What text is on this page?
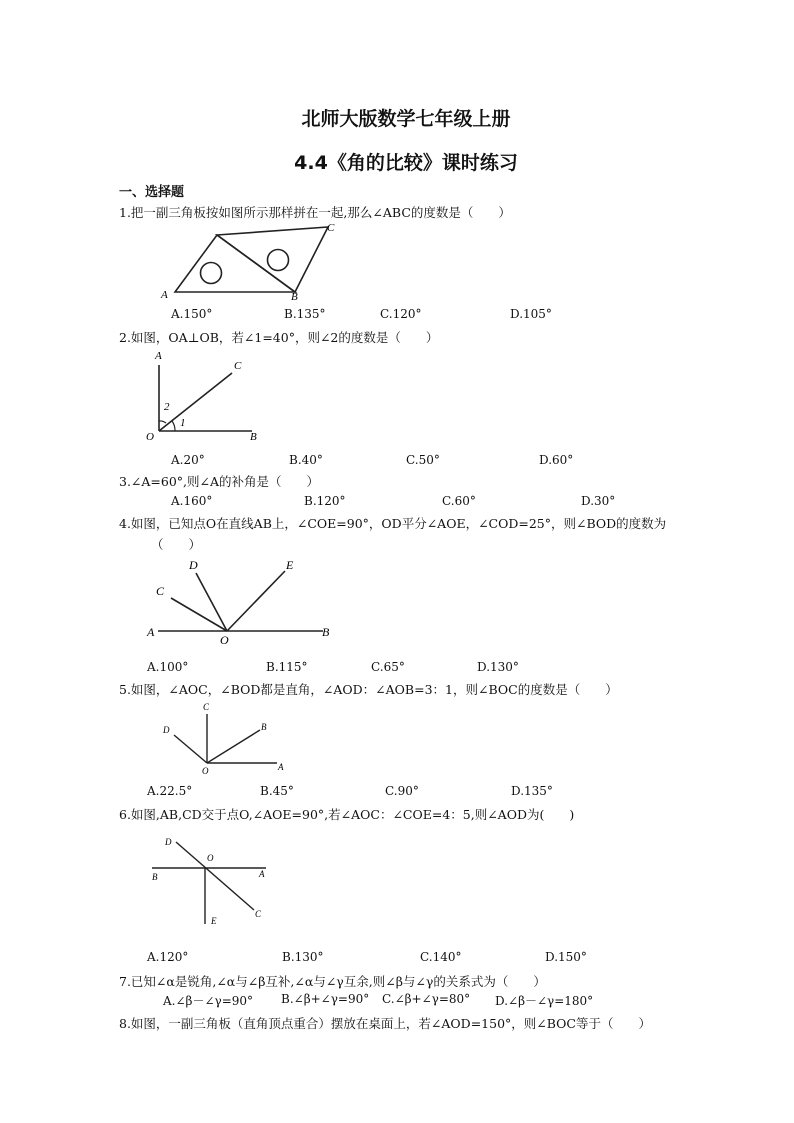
北师大版数学七年级上册
4.4《角的比较》课时练习
一、选择题
1.把一副三角板按如图所示那样拼在一起,那么∠ABC的度数是（　　）
A	B
C
A.150°	B.135°	C.120°	D.105°
2.如图，OA⊥OB，若∠1=40°，则∠2的度数是（　　）
A
C
2
1
O	B
A.20°	B.40°	C.50°	D.60°
3.∠A=60°,则∠A的补角是（　　）
A.160°	B.120°	C.60°	D.30°
4.如图，已知点O在直线AB上，∠COE=90°，OD平分∠AOE，∠COD=25°，则∠BOD的度数为
（　　）
D	E
C
A
O
B
A.100°	B.115°	C.65°	D.130°
5.如图，∠AOC，∠BOD都是直角，∠AOD：∠AOB=3：1，则∠BOC的度数是（　　）
C
D	B
O	A
A.22.5°	B.45°	C.90°	D.135°
6.如图,AB,CD交于点O,∠AOE=90°,若∠AOC：∠COE=4：5,则∠AOD为(　　)
D
O
B	A
C
E
A.120°	B.130°	C.140°	D.150°
7.已知∠α是锐角,∠α与∠β互补,∠α与∠γ互余,则∠β与∠γ的关系式为（　　）
A.∠β－∠γ=90° B.∠β+∠γ=90° C.∠β+∠γ=80° D.∠β－∠γ=180°
8.如图，一副三角板（直角顶点重合）摆放在桌面上，若∠AOD=150°，则∠BOC等于（　　）
